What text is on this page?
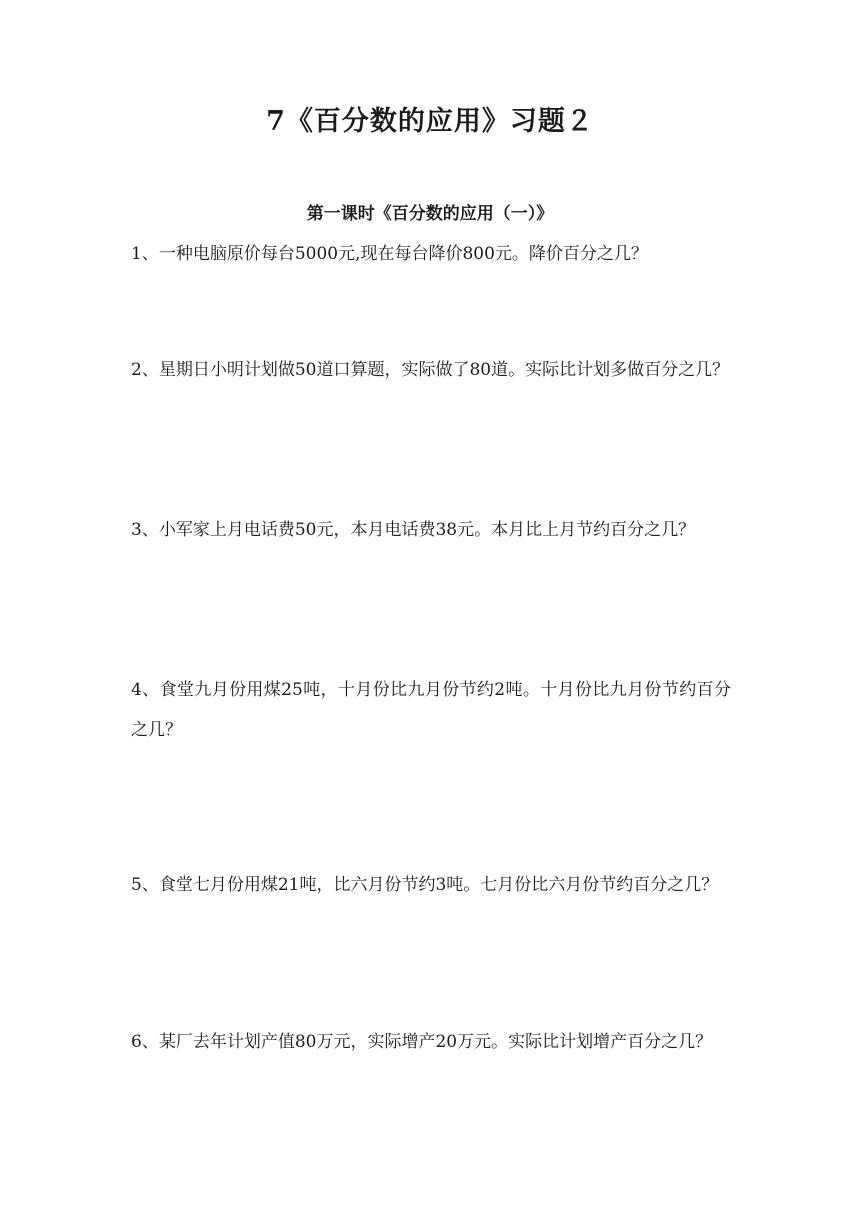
7《百分数的应用》习题２
第一课时《百分数的应用（一）》
1、一种电脑原价每台5000元,现在每台降价800元。降价百分之几？
2、星期日小明计划做50道口算题，实际做了80道。实际比计划多做百分之几？
3、小军家上月电话费50元，本月电话费38元。本月比上月节约百分之几？
4、食堂九月份用煤25吨，十月份比九月份节约2吨。十月份比九月份节约百分之几？
5、食堂七月份用煤21吨，比六月份节约3吨。七月份比六月份节约百分之几？
6、某厂去年计划产值80万元，实际增产20万元。实际比计划增产百分之几？
